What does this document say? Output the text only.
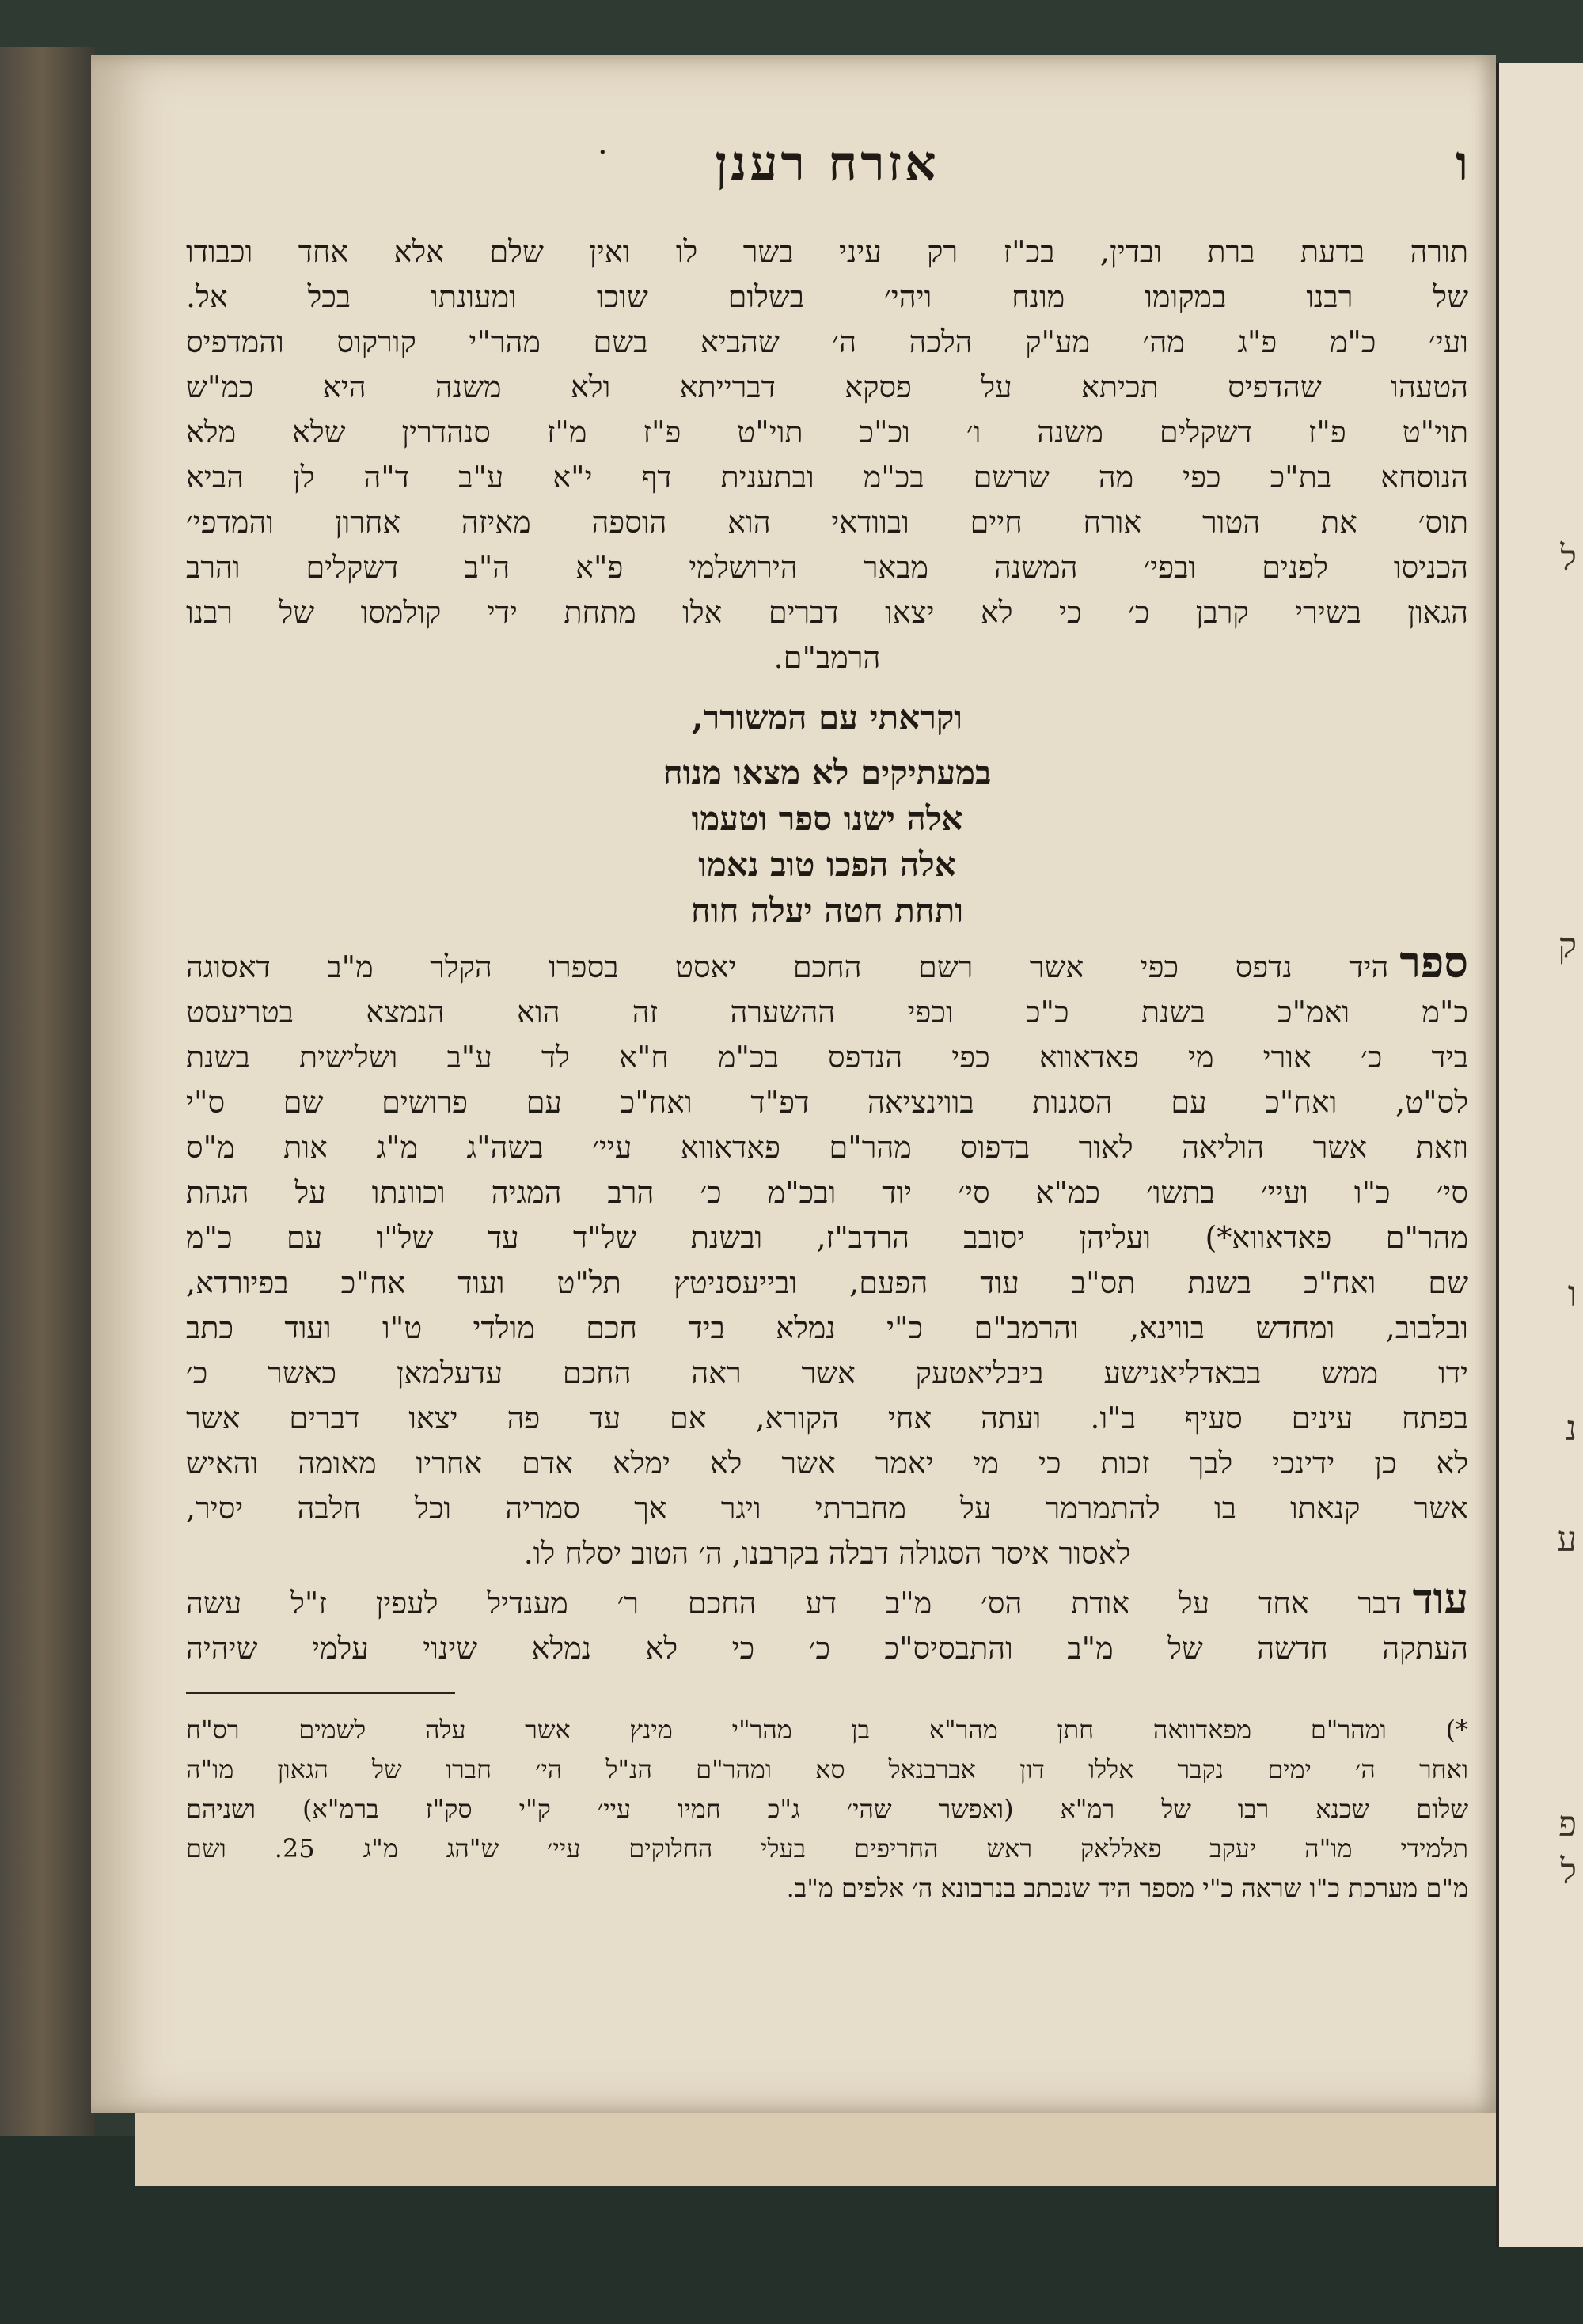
ל
ק
ו
נ
ע
פ
ל
ו
·	אזרח רענן
תורה בדעת ברת ובדין, בכ"ז רק עיני בשר לו ואין שלם אלא אחד וכבודו
של רבנו במקומו מונח ויהי׳ בשלום שוכו ומעונתו בכל אל.
ועי׳ כ"מ פ"ג מה׳ מע"ק הלכה ה׳ שהביא בשם מהר"י קורקוס והמדפיס
הטעהו שהדפיס תכיתא על פסקא דברייתא ולא משנה היא כמ"ש
תוי"ט פ"ז דשקלים משנה ו׳ וכ"כ תוי"ט פ"ז מ"ז סנהדרין שלא מלא
הנוסחא בת"כ כפי מה שרשם בכ"מ ובתענית דף י"א ע"ב ד"ה לן הביא
תוס׳ את הטור אורח חיים ובוודאי הוא הוספה מאיזה אחרון והמדפי׳
הכניסו לפנים ובפי׳ המשנה מבאר הירושלמי פ"א ה"ב דשקלים והרב
הגאון בשירי קרבן כ׳ כי לא יצאו דברים אלו מתחת ידי קולמסו של רבנו
הרמב"ם.
וקראתי עם המשורר,
במעתיקים לא מצאו מנוח
אלה ישנו ספר וטעמו
אלה הפכו טוב נאמו
ותחת חטה יעלה חוח
ספרהיד נדפס כפי אשר רשם החכם יאסט בספרו הקלר מ"ב דאסוגה
כ"מ ואמ"כ בשנת כ"כ וכפי ההשערה זה הוא הנמצא בטריעסט
ביד כ׳ אורי מי פאדאווא כפי הנדפס בכ"מ ח"א לד ע"ב ושלישית בשנת
לס"ט, ואח"כ עם הסגנות בווינציאה דפ"ד ואח"כ עם פרושים שם ס"י
וזאת אשר הוליאה לאור בדפוס מהר"ם פאדאווא עיי׳ בשה"ג מ"ג אות מ"ס
סי׳ כ"ו ועיי׳ בתשו׳ כמ"א סי׳ יוד ובכ"מ כ׳ הרב המגיה וכוונתו על הגהת
מהר"ם פאדאווא*) ועליהן יסובב הרדב"ז, ובשנת של"ד עד של"ו עם כ"מ
שם ואח"כ בשנת תס"ב עוד הפעם, ובייעסניטץ תל"ט ועוד אח"כ בפיורדא,
ובלבוב, ומחדש בווינא, והרמב"ם כ"י נמלא ביד חכם מולדי ט"ו ועוד כתב
ידו ממש בבאדליאנישע ביבליאטעק אשר ראה החכם עדעלמאן כאשר כ׳
בפתח עינים סעיף ב"ו. ועתה אחי הקורא, אם עד פה יצאו דברים אשר
לא כן ידינכי לבך זכות כי מי יאמר אשר לא ימלא אדם אחריו מאומה והאיש
אשר קנאתו בו להתמרמר על מחברתי ויגר אך סמריה וכל חלבה יסיר,
לאסור איסר הסגולה דבלה בקרבנו, ה׳ הטוב יסלח לו.
עודדבר אחד על אודת הס׳ מ"ב דע החכם ר׳ מענדיל לעפין ז"ל עשה
העתקה חדשה של מ"ב והתבסיס"כ כ׳ כי לא נמלא שינוי עלמי שיהיה
*) ומהר"ם מפאדוואה חתן מהר"א בן מהר"י מינץ אשר עלה לשמים רס"ח
ואחר ה׳ ימים נקבר אללו דון אברבנאל סא ומהר"ם הנ"ל הי׳ חברו של הגאון מו"ה
שלום שכנא רבו של רמ"א (ואפשר שהי׳ ג"כ חמיו עיי׳ ק"י סק"ז ברמ"א) ושניהם
תלמידי מו"ה יעקב פאללאק ראש החריפים בעלי החלוקים עיי׳ ש"הג מ"ג 25. ושם
מ"ם מערכת כ"ו שראה כ"י מספר היד שנכתב בנרבונא ה׳ אלפים מ"ב.
